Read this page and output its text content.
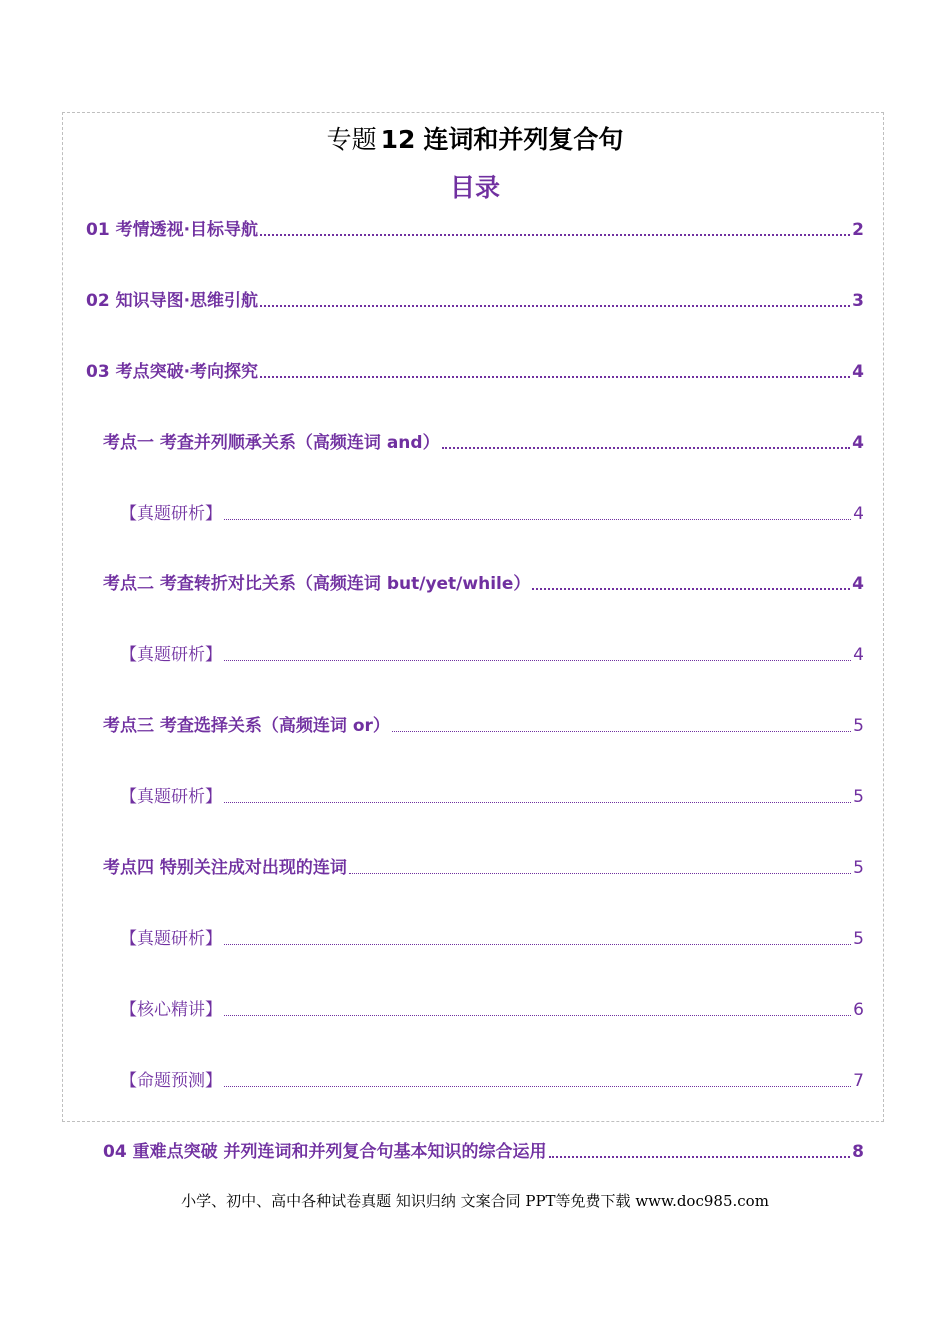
专题 12 连词和并列复合句
目录
01 考情透视·目标导航	2
02 知识导图·思维引航	3
03 考点突破·考向探究	4
考点一 考查并列顺承关系（高频连词 and）	4
【真题研析】	4
考点二 考查转折对比关系（高频连词 but/yet/while）	4
【真题研析】	4
考点三 考查选择关系（高频连词 or）	5
【真题研析】	5
考点四 特别关注成对出现的连词	5
【真题研析】	5
【核心精讲】	6
【命题预测】	7
04 重难点突破 并列连词和并列复合句基本知识的综合运用	8
小学、初中、高中各种试卷真题 知识归纳 文案合同 PPT等免费下载 www.doc985.com
